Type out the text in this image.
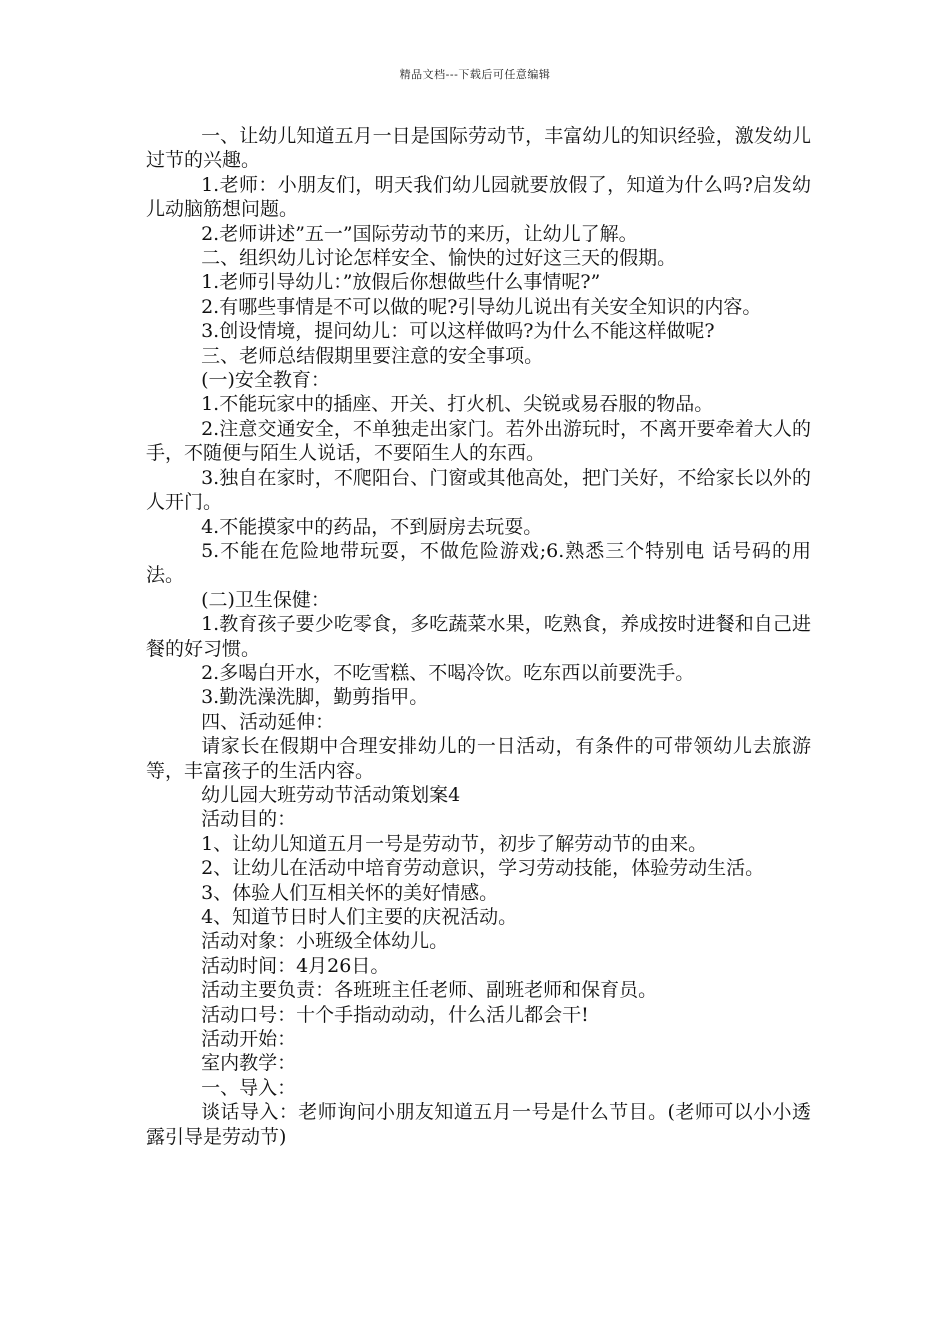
精品文档---下载后可任意编辑

一、让幼儿知道五月一日是国际劳动节，丰富幼儿的知识经验，激发幼儿过节的兴趣。

1.老师：小朋友们，明天我们幼儿园就要放假了，知道为什么吗?启发幼儿动脑筋想问题。

2.老师讲述”五一”国际劳动节的来历，让幼儿了解。

二、组织幼儿讨论怎样安全、愉快的过好这三天的假期。

1.老师引导幼儿：”放假后你想做些什么事情呢?”

2.有哪些事情是不可以做的呢?引导幼儿说出有关安全知识的内容。

3.创设情境，提问幼儿：可以这样做吗?为什么不能这样做呢?

三、老师总结假期里要注意的安全事项。

(一)安全教育：

1.不能玩家中的插座、开关、打火机、尖锐或易吞服的物品。

2.注意交通安全，不单独走出家门。若外出游玩时，不离开要牵着大人的手，不随便与陌生人说话，不要陌生人的东西。

3.独自在家时，不爬阳台、门窗或其他高处，把门关好，不给家长以外的人开门。

4.不能摸家中的药品，不到厨房去玩耍。

5.不能在危险地带玩耍，不做危险游戏;6.熟悉三个特别电 话号码的用法。

(二)卫生保健：

1.教育孩子要少吃零食，多吃蔬菜水果，吃熟食，养成按时进餐和自己进餐的好习惯。

2.多喝白开水，不吃雪糕、不喝冷饮。吃东西以前要洗手。

3.勤洗澡洗脚，勤剪指甲。

四、活动延伸：

请家长在假期中合理安排幼儿的一日活动，有条件的可带领幼儿去旅游等，丰富孩子的生活内容。

幼儿园大班劳动节活动策划案4

活动目的：

1、让幼儿知道五月一号是劳动节，初步了解劳动节的由来。

2、让幼儿在活动中培育劳动意识，学习劳动技能，体验劳动生活。

3、体验人们互相关怀的美好情感。

4、知道节日时人们主要的庆祝活动。

活动对象：小班级全体幼儿。

活动时间：4月26日。

活动主要负责：各班班主任老师、副班老师和保育员。

活动口号：十个手指动动动，什么活儿都会干!

活动开始：

室内教学：

一、导入：

谈话导入：老师询问小朋友知道五月一号是什么节目。(老师可以小小透露引导是劳动节)
